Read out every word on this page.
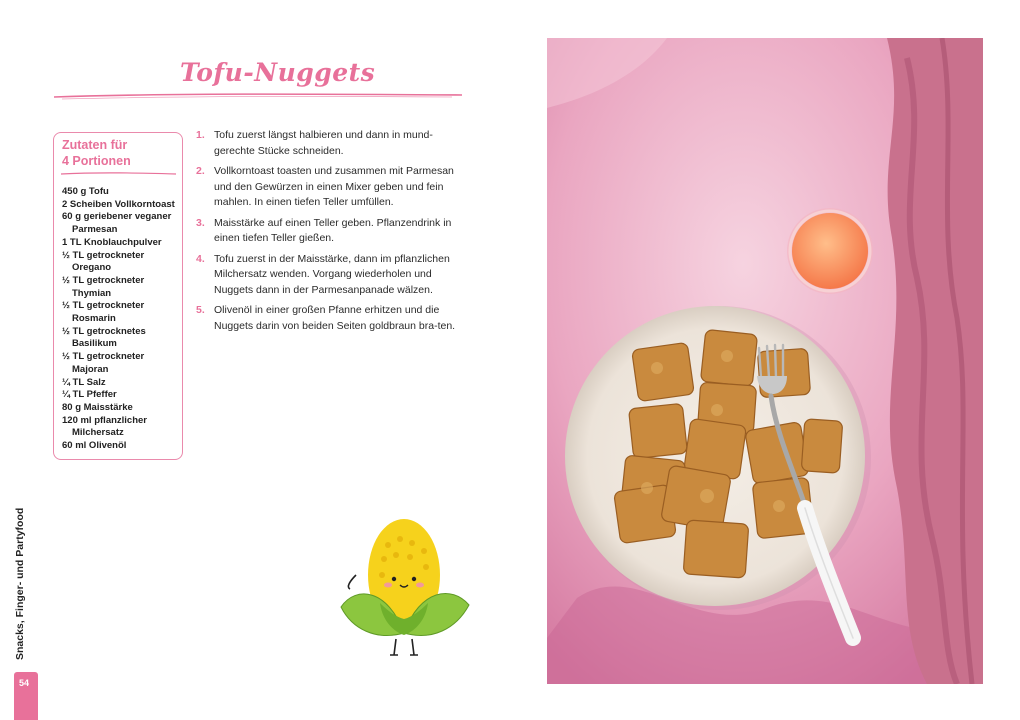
Tofu-Nuggets
Zutaten für
4 Portionen
450 g Tofu
2 Scheiben Vollkorntoast
60 g geriebener veganer Parmesan
1 TL Knoblauchpulver
½ TL getrockneter Oregano
½ TL getrockneter Thymian
½ TL getrockneter Rosmarin
½ TL getrocknetes Basilikum
½ TL getrockneter Majoran
¼ TL Salz
¼ TL Pfeffer
80 g Maisstärke
120 ml pflanzlicher Milchersatz
60 ml Olivenöl
1. Tofu zuerst längst halbieren und dann in mund-gerechte Stücke schneiden.
2. Vollkorntoast toasten und zusammen mit Parmesan und den Gewürzen in einen Mixer geben und fein mahlen. In einen tiefen Teller umfüllen.
3. Maisstärke auf einen Teller geben. Pflanzendrink in einen tiefen Teller gießen.
4. Tofu zuerst in der Maisstärke, dann im pflanzlichen Milchersatz wenden. Vorgang wiederholen und Nuggets dann in der Parmesanpanade wälzen.
5. Olivenöl in einer großen Pfanne erhitzen und die Nuggets darin von beiden Seiten goldbraun bra-ten.
Snacks, Finger- und Partyfood
54
